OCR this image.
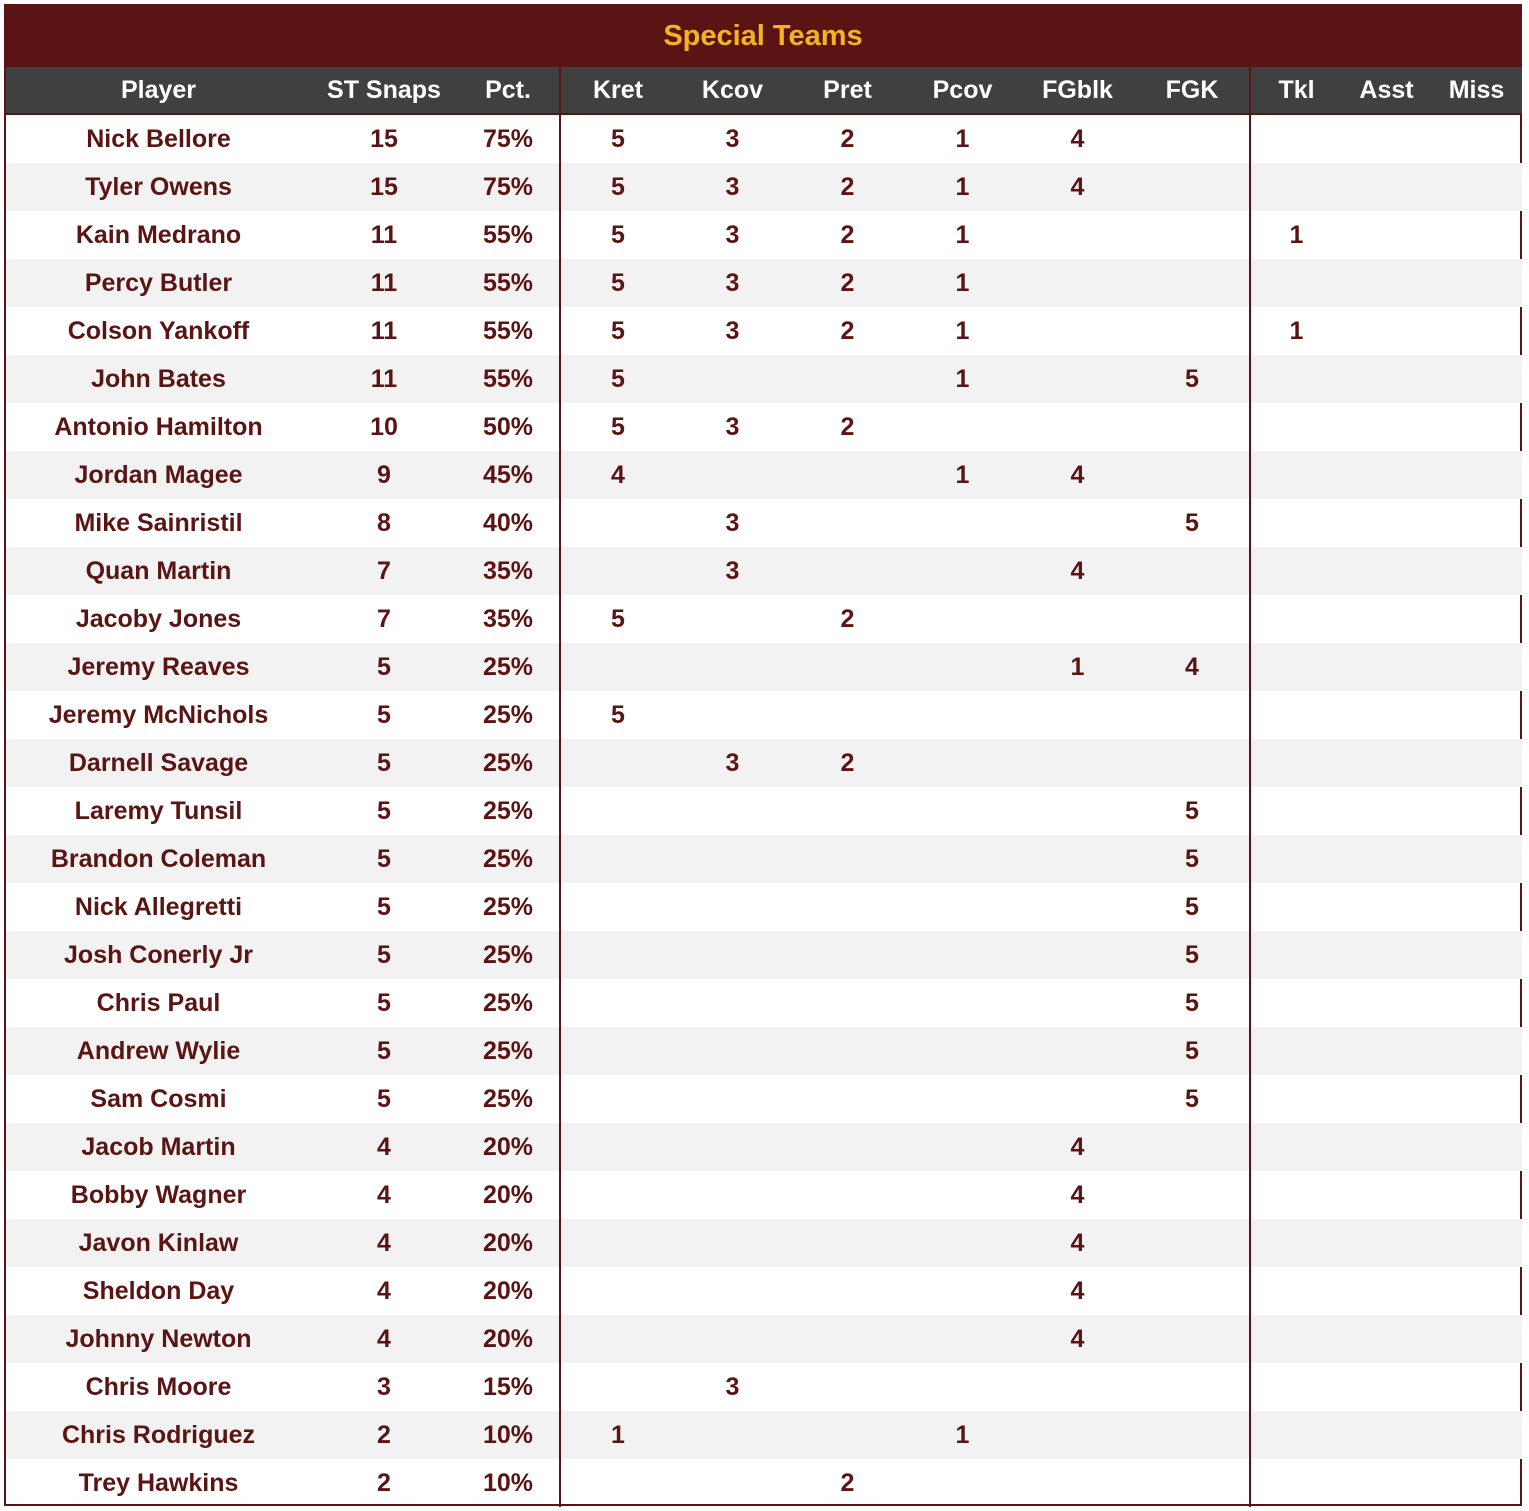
Special Teams
Player	ST Snaps	Pct.	Kret	Kcov	Pret	Pcov	FGblk	FGK	Tkl	Asst	Miss
Nick Bellore	15	75%	5	3	2	1	4				
Tyler Owens	15	75%	5	3	2	1	4				
Kain Medrano	11	55%	5	3	2	1			1		
Percy Butler	11	55%	5	3	2	1					
Colson Yankoff	11	55%	5	3	2	1			1		
John Bates	11	55%	5			1		5			
Antonio Hamilton	10	50%	5	3	2						
Jordan Magee	9	45%	4			1	4				
Mike Sainristil	8	40%		3				5			
Quan Martin	7	35%		3			4				
Jacoby Jones	7	35%	5		2						
Jeremy Reaves	5	25%					1	4			
Jeremy McNichols	5	25%	5								
Darnell Savage	5	25%		3	2						
Laremy Tunsil	5	25%						5			
Brandon Coleman	5	25%						5			
Nick Allegretti	5	25%						5			
Josh Conerly Jr	5	25%						5			
Chris Paul	5	25%						5			
Andrew Wylie	5	25%						5			
Sam Cosmi	5	25%						5			
Jacob Martin	4	20%					4				
Bobby Wagner	4	20%					4				
Javon Kinlaw	4	20%					4				
Sheldon Day	4	20%					4				
Johnny Newton	4	20%					4				
Chris Moore	3	15%		3							
Chris Rodriguez	2	10%	1			1					
Trey Hawkins	2	10%			2						
